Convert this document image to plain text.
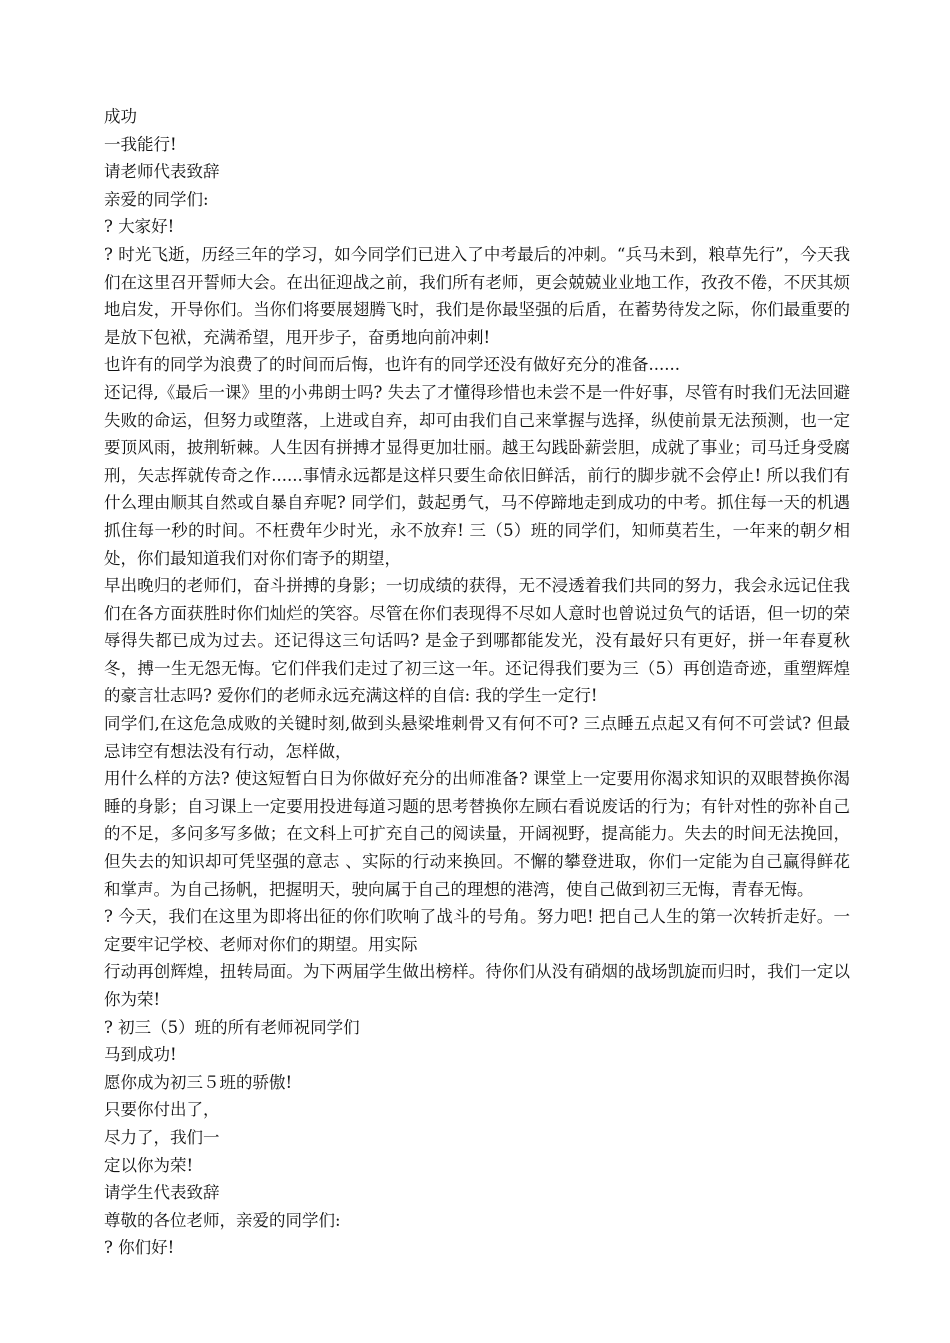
成功

一我能行!

请老师代表致辞

亲爱的同学们:

? 大家好!

? 时光飞逝，历经三年的学习，如今同学们已进入了中考最后的冲刺。“兵马未到，粮草先行”，今天我们在这里召开誓师大会。在出征迎战之前，我们所有老师，更会兢兢业业地工作，孜孜不倦，不厌其烦地启发，开导你们。当你们将要展翅腾飞时，我们是你最坚强的后盾，在蓄势待发之际，你们最重要的是放下包袱，充满希望，甩开步子，奋勇地向前冲刺!

也许有的同学为浪费了的时间而后悔，也许有的同学还没有做好充分的准备......

还记得,《最后一课》里的小弗朗士吗? 失去了才懂得珍惜也未尝不是一件好事，尽管有时我们无法回避失败的命运，但努力或堕落，上进或自弃，却可由我们自己来掌握与选择，纵使前景无法预测，也一定要顶风雨，披荆斩棘。人生因有拼搏才显得更加壮丽。越王勾践卧薪尝胆，成就了事业；司马迁身受腐刑，矢志挥就传奇之作......事情永远都是这样只要生命依旧鲜活，前行的脚步就不会停止! 所以我们有什么理由顺其自然或自暴自弃呢? 同学们，鼓起勇气，马不停蹄地走到成功的中考。抓住每一天的机遇抓住每一秒的时间。不枉费年少时光，永不放弃! 三（5）班的同学们，知师莫若生，一年来的朝夕相处，你们最知道我们对你们寄予的期望，

早出晚归的老师们，奋斗拼搏的身影；一切成绩的获得，无不浸透着我们共同的努力，我会永远记住我们在各方面获胜时你们灿烂的笑容。尽管在你们表现得不尽如人意时也曾说过负气的话语，但一切的荣辱得失都已成为过去。还记得这三句话吗? 是金子到哪都能发光，没有最好只有更好，拼一年春夏秋冬，搏一生无怨无悔。它们伴我们走过了初三这一年。还记得我们要为三（5）再创造奇迹，重塑辉煌的豪言壮志吗? 爱你们的老师永远充满这样的自信: 我的学生一定行!

同学们,在这危急成败的关键时刻,做到头悬梁堆刺骨又有何不可? 三点睡五点起又有何不可尝试? 但最忌讳空有想法没有行动，怎样做，

用什么样的方法? 使这短暂白日为你做好充分的出师准备? 课堂上一定要用你渴求知识的双眼替换你渴睡的身影；自习课上一定要用投进每道习题的思考替换你左顾右看说废话的行为；有针对性的弥补自己的不足，多问多写多做；在文科上可扩充自己的阅读量，开阔视野，提高能力。失去的时间无法挽回，但失去的知识却可凭坚强的意志 、实际的行动来换回。不懈的攀登进取，你们一定能为自己赢得鲜花和掌声。为自己扬帆，把握明天，驶向属于自己的理想的港湾，使自己做到初三无悔，青春无悔。

? 今天，我们在这里为即将出征的你们吹响了战斗的号角。努力吧! 把自己人生的第一次转折走好。一定要牢记学校、老师对你们的期望。用实际

行动再创辉煌，扭转局面。为下两届学生做出榜样。待你们从没有硝烟的战场凯旋而归时，我们一定以你为荣!

? 初三（5）班的所有老师祝同学们

马到成功!

愿你成为初三５班的骄傲!

只要你付出了，

尽力了，我们一

定以你为荣!

请学生代表致辞

尊敬的各位老师，亲爱的同学们:

? 你们好!
